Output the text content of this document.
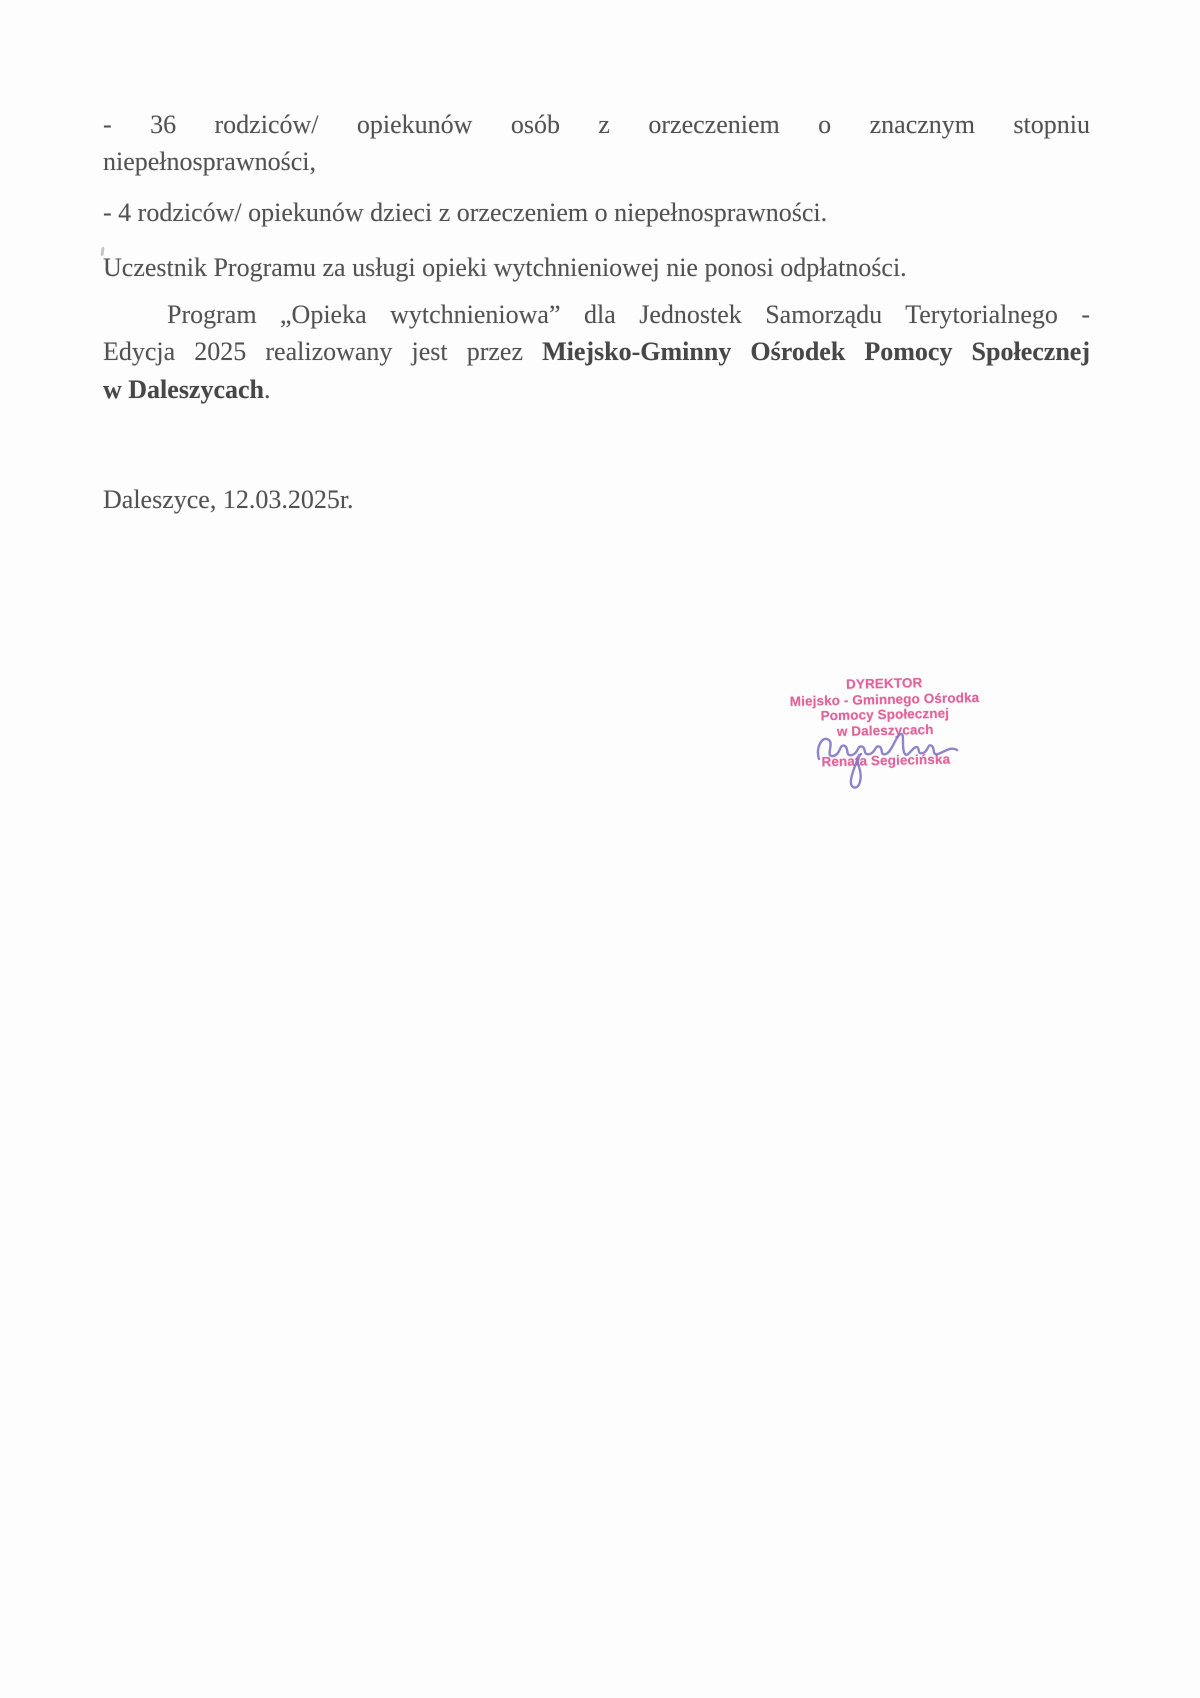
- 36 rodziców/ opiekunów osób z orzeczeniem o znacznym stopniu
niepełnosprawności,
- 4 rodziców/ opiekunów dzieci z orzeczeniem o niepełnosprawności.
Uczestnik Programu za usługi opieki wytchnieniowej nie ponosi odpłatności.
Program „Opieka wytchnieniowa” dla Jednostek Samorządu Terytorialnego -
Edycja 2025 realizowany jest przez Miejsko-Gminny Ośrodek Pomocy Społecznej
w Daleszycach.
Daleszyce, 12.03.2025r.
DYREKTOR
Miejsko - Gminnego Ośrodka
Pomocy Społecznej
w Daleszycach
Renata Segiecińska
